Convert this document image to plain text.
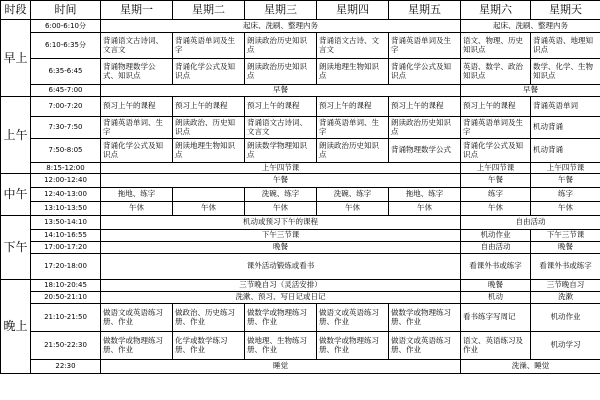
时段	时间	星期一	星期二	星期三	星期四	星期五	星期六	星期天
早上	6:00-6:10分	起床、洗刷、整理内务					起床、洗刷、整理内务	
	6:10-6:35分	背诵语文古诗词、文言文	背诵英语单词及生字	朗读政治历史知识点	背诵语文古诗、文言文	背诵英语单词及生字	语文、物理、历史知识点	背诵英语、地理知识点
	6:35-6:45	背诵物理数学公式、知识点	背诵化学公式及知识点	朗读政治历史知识点	朗读地理生物知识点	背诵化学公式及知识点	英语、数学、政治知识点	数学、化学、生物知识点
	6:45-7:00	早餐					早餐	
上午	7:00-7:20	预习上午的课程	预习上午的课程	预习上午的课程	预习上午的课程	预习上午的课程	预习上午的课程	背诵英语单词
	7:30-7:50	背诵英语单词、生字	朗读政治、历史知识点	背诵语文古诗词、文言文	背诵英语单词、生字	朗读政治历史知识点	背诵英语单词及生字	机动背诵
	7:50-8:05	背诵化学公式及知识点	朗读地理生物知识点	朗读数学物理知识点	朗读政治历史知识点	背诵物理数学公式	背诵化学公式及知识点	机动背诵
	8:15-12:00	上午四节课					上午四节课	上午四节课
中午	12:00-12:40	午餐					午餐	午餐
	12:40-13:00	拖地、练字		洗碗、练字	洗碗、练字	拖地、练字	练字	练字
	13:10-13:50	午休	午休	午休	午休	午休	午休	午休
下午	13:50-14:10	机动或预习下午的课程					自由活动	
	14:10-16:55	下午三节课					机动作业	下午三节课
	17:00-17:20	晚餐					自由活动	晚餐
	17:20-18:00	课外活动锻炼或看书					看课外书或练字	看课外书或练字
晚上	18:10-20:45	三节晚自习（灵活安排）					晚餐	三节晚自习
	20:50-21:10	洗漱、预习、写日记或日记					机动	洗漱
	21:10-21:50	做语文或英语练习册、作业	做政治、历史练习册、作业	做数学或物理练习册、作业	做语文或英语练习册、作业	做数学或物理练习册、作业	看书练字写周记	机动作业
	21:50-22:30	做数学或物理练习册、作业	化学或数学练习册、作业	做地理、生物练习册、作业	做数学或物理练习册、作业	做语文或英语练习册、作业	语文、英语练习及作业	机动学习
	22:30	睡觉					洗澡、睡觉	
